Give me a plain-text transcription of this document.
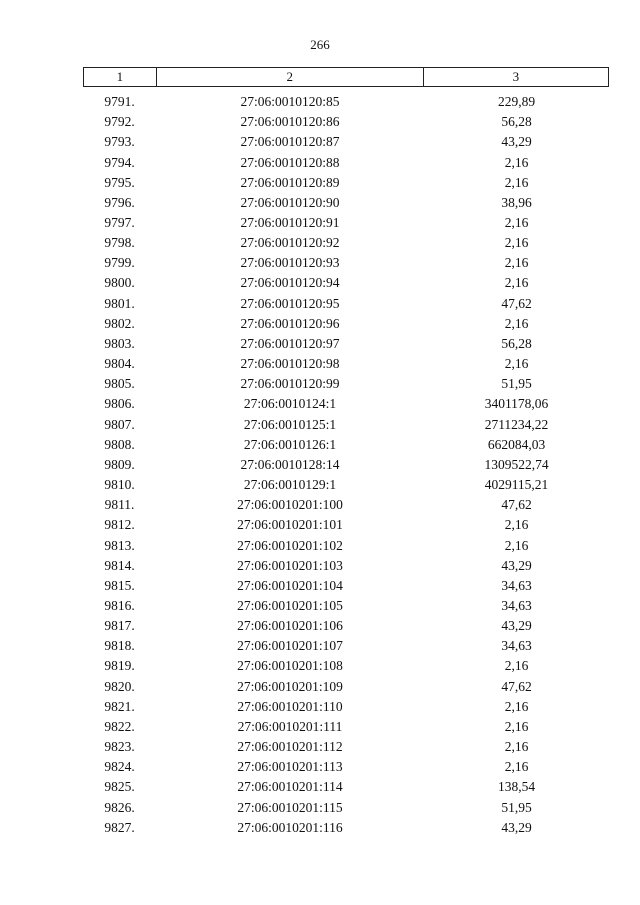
266
1	2	3
9791.	27:06:0010120:85	229,89
9792.	27:06:0010120:86	56,28
9793.	27:06:0010120:87	43,29
9794.	27:06:0010120:88	2,16
9795.	27:06:0010120:89	2,16
9796.	27:06:0010120:90	38,96
9797.	27:06:0010120:91	2,16
9798.	27:06:0010120:92	2,16
9799.	27:06:0010120:93	2,16
9800.	27:06:0010120:94	2,16
9801.	27:06:0010120:95	47,62
9802.	27:06:0010120:96	2,16
9803.	27:06:0010120:97	56,28
9804.	27:06:0010120:98	2,16
9805.	27:06:0010120:99	51,95
9806.	27:06:0010124:1	3401178,06
9807.	27:06:0010125:1	2711234,22
9808.	27:06:0010126:1	662084,03
9809.	27:06:0010128:14	1309522,74
9810.	27:06:0010129:1	4029115,21
9811.	27:06:0010201:100	47,62
9812.	27:06:0010201:101	2,16
9813.	27:06:0010201:102	2,16
9814.	27:06:0010201:103	43,29
9815.	27:06:0010201:104	34,63
9816.	27:06:0010201:105	34,63
9817.	27:06:0010201:106	43,29
9818.	27:06:0010201:107	34,63
9819.	27:06:0010201:108	2,16
9820.	27:06:0010201:109	47,62
9821.	27:06:0010201:110	2,16
9822.	27:06:0010201:111	2,16
9823.	27:06:0010201:112	2,16
9824.	27:06:0010201:113	2,16
9825.	27:06:0010201:114	138,54
9826.	27:06:0010201:115	51,95
9827.	27:06:0010201:116	43,29
